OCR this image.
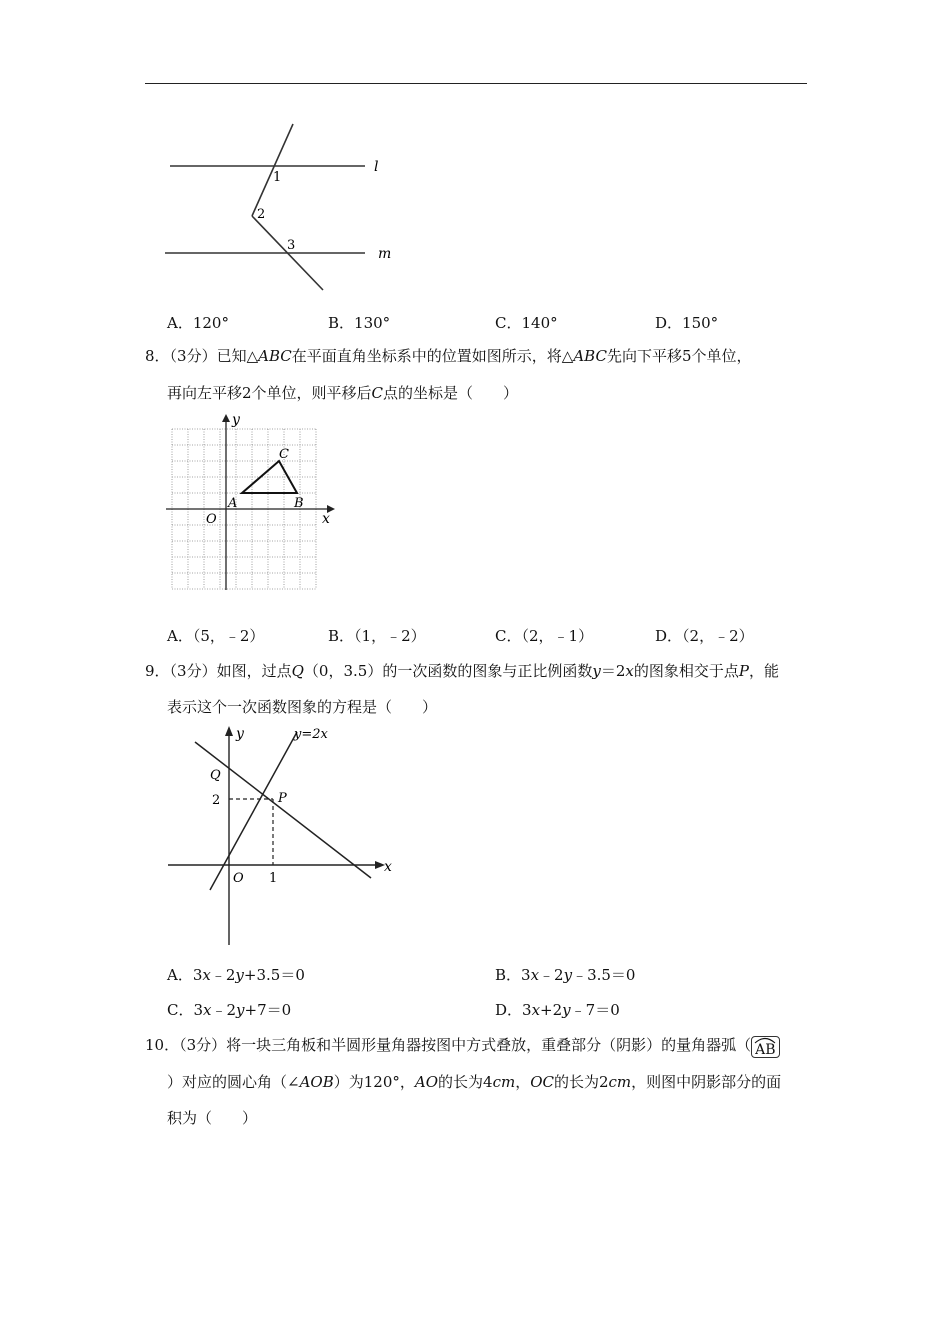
l
m
1
2
3
A．120°	B．130°	C．140°	D．150°
8．（3分）已知△ABC在平面直角坐标系中的位置如图所示，将△ABC先向下平移5个单位，
再向左平移2个单位，则平移后C点的坐标是（　　）
y
x
O
A	B
C
A．（5，﹣2）	B．（1，﹣2）	C．（2，﹣1）	D．（2，﹣2）
9．（3分）如图，过点Q（0，3.5）的一次函数的图象与正比例函数y＝2x的图象相交于点P，能
表示这个一次函数图象的方程是（　　）
y
x
O
Q
P
2
1
y=2x
A．3x﹣2y+3.5＝0	B．3x﹣2y﹣3.5＝0
C．3x﹣2y+7＝0	D．3x+2y﹣7＝0
10．（3分）将一块三角板和半圆形量角器按图中方式叠放，重叠部分（阴影）的量角器弧（ AB
）对应的圆心角（∠AOB）为120°，AO的长为4cm，OC的长为2cm，则图中阴影部分的面
积为（　　）
